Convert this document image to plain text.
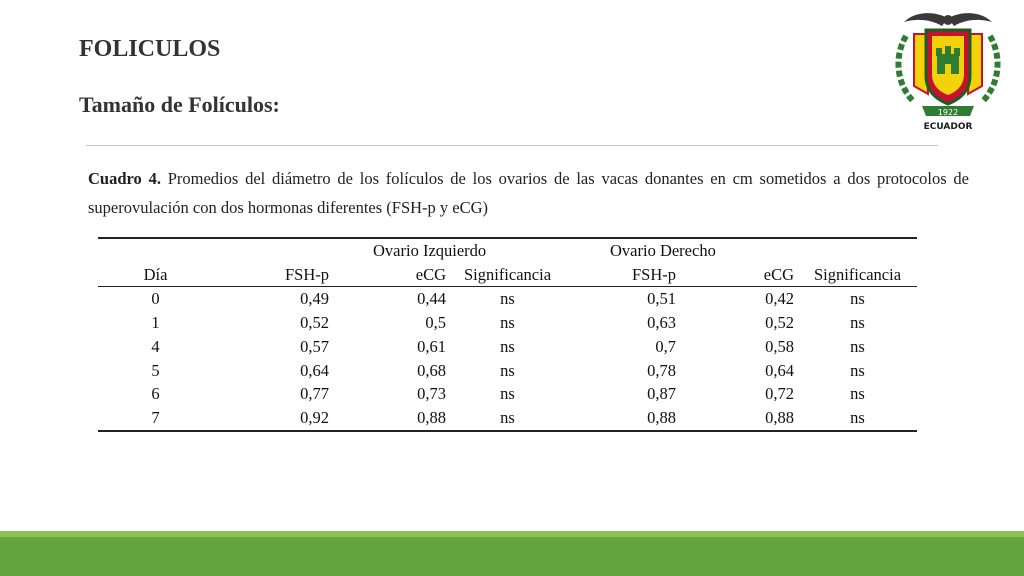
FOLICULOS
Tamaño de Folículos:
Cuadro 4. Promedios del diámetro de los folículos de los ovarios de las vacas donantes en cm sometidos a dos protocolos de superovulación con dos hormonas diferentes (FSH-p y eCG)
	Ovario Izquierdo			Ovario Derecho		
Día	FSH-p	eCG	Significancia	FSH-p	eCG	Significancia
0	0,49	0,44	ns	0,51	0,42	ns
1	0,52	0,5	ns	0,63	0,52	ns
4	0,57	0,61	ns	0,7	0,58	ns
5	0,64	0,68	ns	0,78	0,64	ns
6	0,77	0,73	ns	0,87	0,72	ns
7	0,92	0,88	ns	0,88	0,88	ns
1922
ECUADOR
